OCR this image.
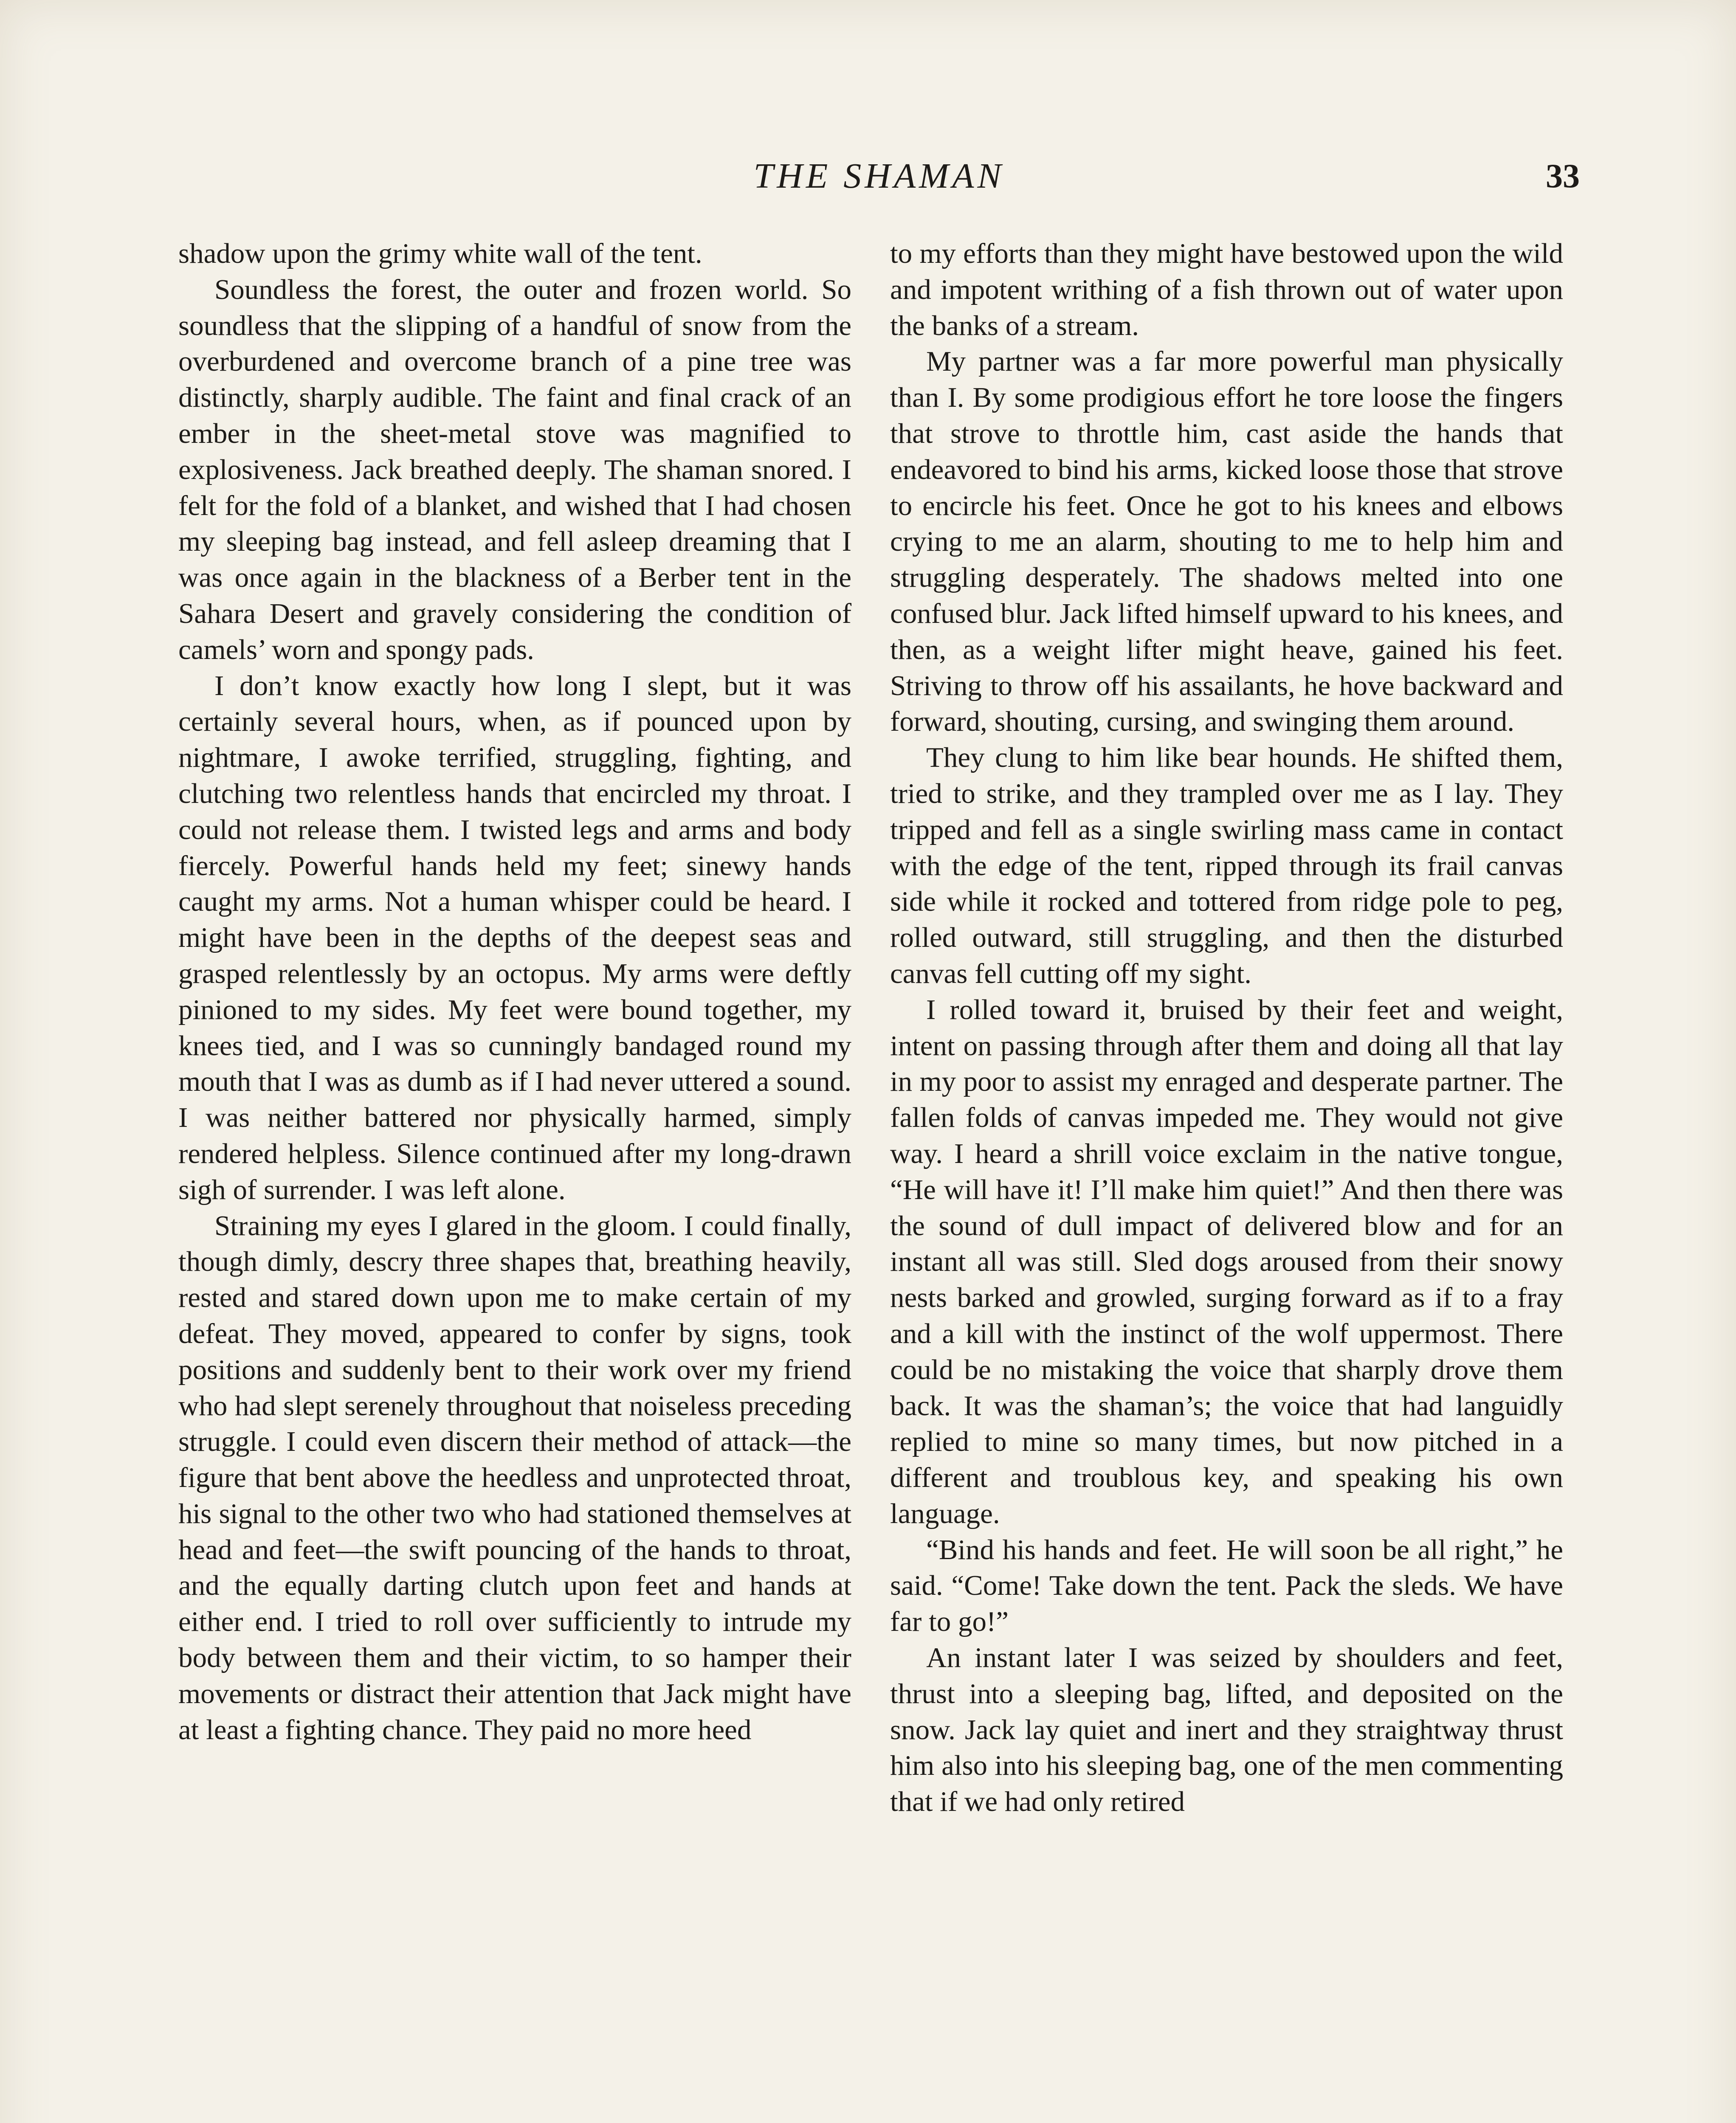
THE SHAMAN	33

shadow upon the grimy white wall of the tent.

Soundless the forest, the outer and frozen world. So soundless that the slipping of a handful of snow from the overburdened and overcome branch of a pine tree was distinctly, sharply audible. The faint and final crack of an ember in the sheet-metal stove was magnified to explosiveness. Jack breathed deeply. The shaman snored. I felt for the fold of a blanket, and wished that I had chosen my sleeping bag instead, and fell asleep dreaming that I was once again in the blackness of a Berber tent in the Sahara Desert and gravely considering the condition of camels’ worn and spongy pads.

I don’t know exactly how long I slept, but it was certainly several hours, when, as if pounced upon by nightmare, I awoke terrified, struggling, fighting, and clutching two relentless hands that encircled my throat. I could not release them. I twisted legs and arms and body fiercely. Powerful hands held my feet; sinewy hands caught my arms. Not a human whisper could be heard. I might have been in the depths of the deepest seas and grasped relentlessly by an octopus. My arms were deftly pinioned to my sides. My feet were bound together, my knees tied, and I was so cunningly bandaged round my mouth that I was as dumb as if I had never uttered a sound. I was neither battered nor physically harmed, simply rendered helpless. Silence continued after my long-drawn sigh of surrender. I was left alone.

Straining my eyes I glared in the gloom. I could finally, though dimly, descry three shapes that, breathing heavily, rested and stared down upon me to make certain of my defeat. They moved, appeared to confer by signs, took positions and suddenly bent to their work over my friend who had slept serenely throughout that noiseless preceding struggle. I could even discern their method of attack—the figure that bent above the heedless and unprotected throat, his signal to the other two who had stationed themselves at head and feet—the swift pouncing of the hands to throat, and the equally darting clutch upon feet and hands at either end. I tried to roll over sufficiently to intrude my body between them and their victim, to so hamper their movements or distract their attention that Jack might have at least a fighting chance. They paid no more heed

to my efforts than they might have bestowed upon the wild and impotent writhing of a fish thrown out of water upon the banks of a stream.

My partner was a far more powerful man physically than I. By some prodigious effort he tore loose the fingers that strove to throttle him, cast aside the hands that endeavored to bind his arms, kicked loose those that strove to encircle his feet. Once he got to his knees and elbows crying to me an alarm, shouting to me to help him and struggling desperately. The shadows melted into one confused blur. Jack lifted himself upward to his knees, and then, as a weight lifter might heave, gained his feet. Striving to throw off his assailants, he hove backward and forward, shouting, cursing, and swinging them around.

They clung to him like bear hounds. He shifted them, tried to strike, and they trampled over me as I lay. They tripped and fell as a single swirling mass came in contact with the edge of the tent, ripped through its frail canvas side while it rocked and tottered from ridge pole to peg, rolled outward, still struggling, and then the disturbed canvas fell cutting off my sight.

I rolled toward it, bruised by their feet and weight, intent on passing through after them and doing all that lay in my poor to assist my enraged and desperate partner. The fallen folds of canvas impeded me. They would not give way. I heard a shrill voice exclaim in the native tongue, “He will have it! I’ll make him quiet!” And then there was the sound of dull impact of delivered blow and for an instant all was still. Sled dogs aroused from their snowy nests barked and growled, surging forward as if to a fray and a kill with the instinct of the wolf uppermost. There could be no mistaking the voice that sharply drove them back. It was the shaman’s; the voice that had languidly replied to mine so many times, but now pitched in a different and troublous key, and speaking his own language.

“Bind his hands and feet. He will soon be all right,” he said. “Come! Take down the tent. Pack the sleds. We have far to go!”

An instant later I was seized by shoulders and feet, thrust into a sleeping bag, lifted, and deposited on the snow. Jack lay quiet and inert and they straightway thrust him also into his sleeping bag, one of the men commenting that if we had only retired
